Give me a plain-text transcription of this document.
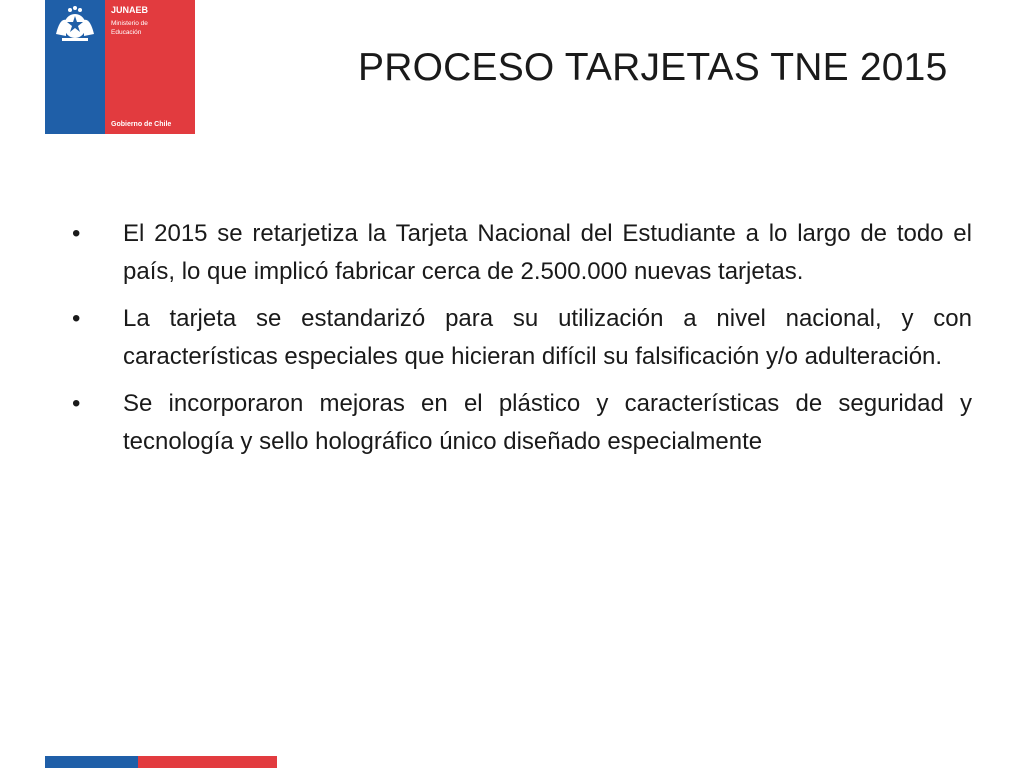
JUNAEB
Ministerio de
Educación
Gobierno de Chile
PROCESO TARJETAS TNE 2015
•	El 2015 se retarjetiza la Tarjeta Nacional del Estudiante a lo largo de todo el país, lo que implicó fabricar cerca de 2.500.000 nuevas tarjetas.
•	La tarjeta se estandarizó para su utilización a nivel nacional, y con características especiales que hicieran difícil su falsificación y/o adulteración.
•	Se incorporaron mejoras en el plástico y características de seguridad y tecnología y sello holográfico único diseñado especialmente
